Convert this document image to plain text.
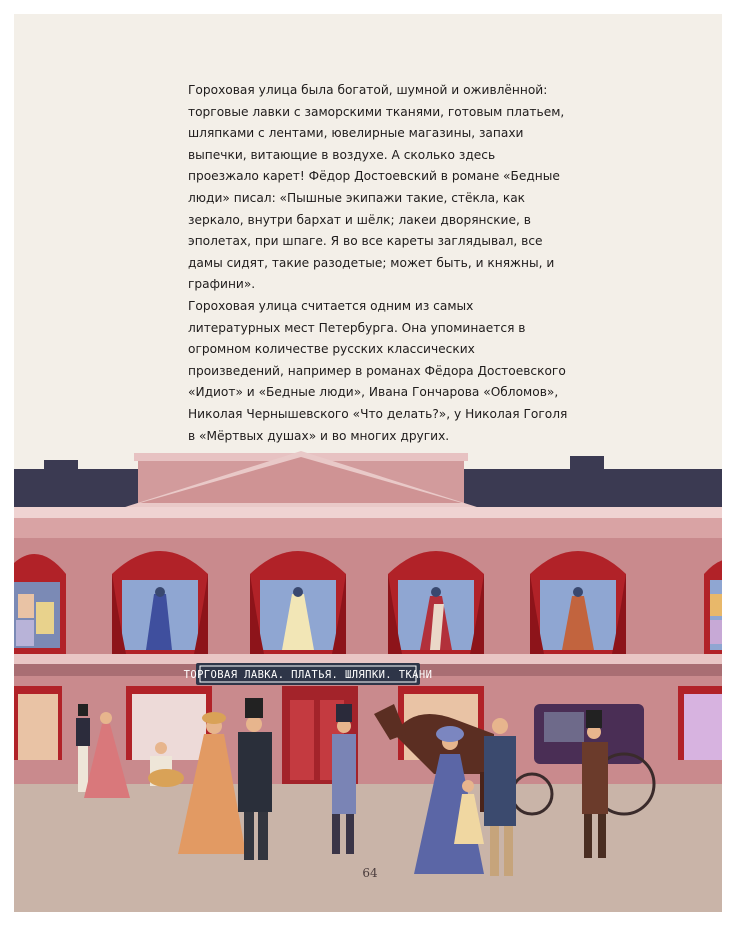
Гороховая улица была богатой, шумной и оживлённой: торговые лавки с заморскими тканями, готовым платьем, шляпками с лентами, ювелирные магазины, запахи выпечки, витающие в воздухе. А сколько здесь проезжало карет! Фёдор Достоевский в романе «Бедные люди» писал: «Пышные экипажи такие, стёкла, как зеркало, внутри бархат и шёлк; лакеи дворянские, в эполетах, при шпаге. Я во все кареты заглядывал, все дамы сидят, такие разодетые; может быть, и княжны, и графини».

Гороховая улица считается одним из самых литературных мест Петербурга. Она упоминается в огромном количестве русских классических произведений, например в романах Фёдора Достоевского «Идиот» и «Бедные люди», Ивана Гончарова «Обломов», Николая Чернышевского «Что делать?», у Николая Гоголя в «Мёртвых душах» и во многих других.

ТОРГОВАЯ ЛАВКА. ПЛАТЬЯ. ШЛЯПКИ. ТКАНИ
64
